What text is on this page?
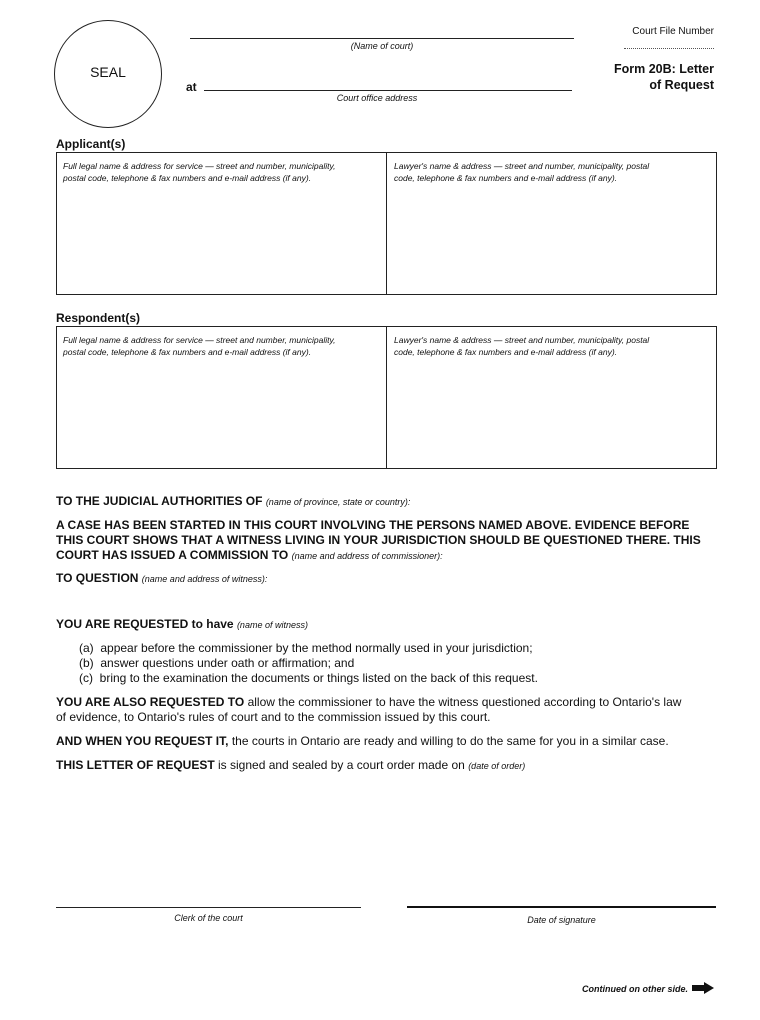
SEAL
(Name of court)
at
Court office address
Court File Number
Form 20B: Letter
of Request
Applicant(s)
Full legal name & address for service — street and number, municipality,
postal code, telephone & fax numbers and e-mail address (if any).
Lawyer's name & address — street and number, municipality, postal
code, telephone & fax numbers and e-mail address (if any).
Respondent(s)
Full legal name & address for service — street and number, municipality,
postal code, telephone & fax numbers and e-mail address (if any).
Lawyer's name & address — street and number, municipality, postal
code, telephone & fax numbers and e-mail address (if any).
TO THE JUDICIAL AUTHORITIES OF (name of province, state or country):
A CASE HAS BEEN STARTED IN THIS COURT INVOLVING THE PERSONS NAMED ABOVE. EVIDENCE BEFORE
THIS COURT SHOWS THAT A WITNESS LIVING IN YOUR JURISDICTION SHOULD BE QUESTIONED THERE. THIS
COURT HAS ISSUED A COMMISSION TO (name and address of commissioner):
TO QUESTION (name and address of witness):
YOU ARE REQUESTED to have (name of witness)
(a) appear before the commissioner by the method normally used in your jurisdiction;
(b) answer questions under oath or affirmation; and
(c) bring to the examination the documents or things listed on the back of this request.
YOU ARE ALSO REQUESTED TO allow the commissioner to have the witness questioned according to Ontario's law
of evidence, to Ontario's rules of court and to the commission issued by this court.
AND WHEN YOU REQUEST IT, the courts in Ontario are ready and willing to do the same for you in a similar case.
THIS LETTER OF REQUEST is signed and sealed by a court order made on (date of order)
Clerk of the court	Date of signature
Continued on other side.
